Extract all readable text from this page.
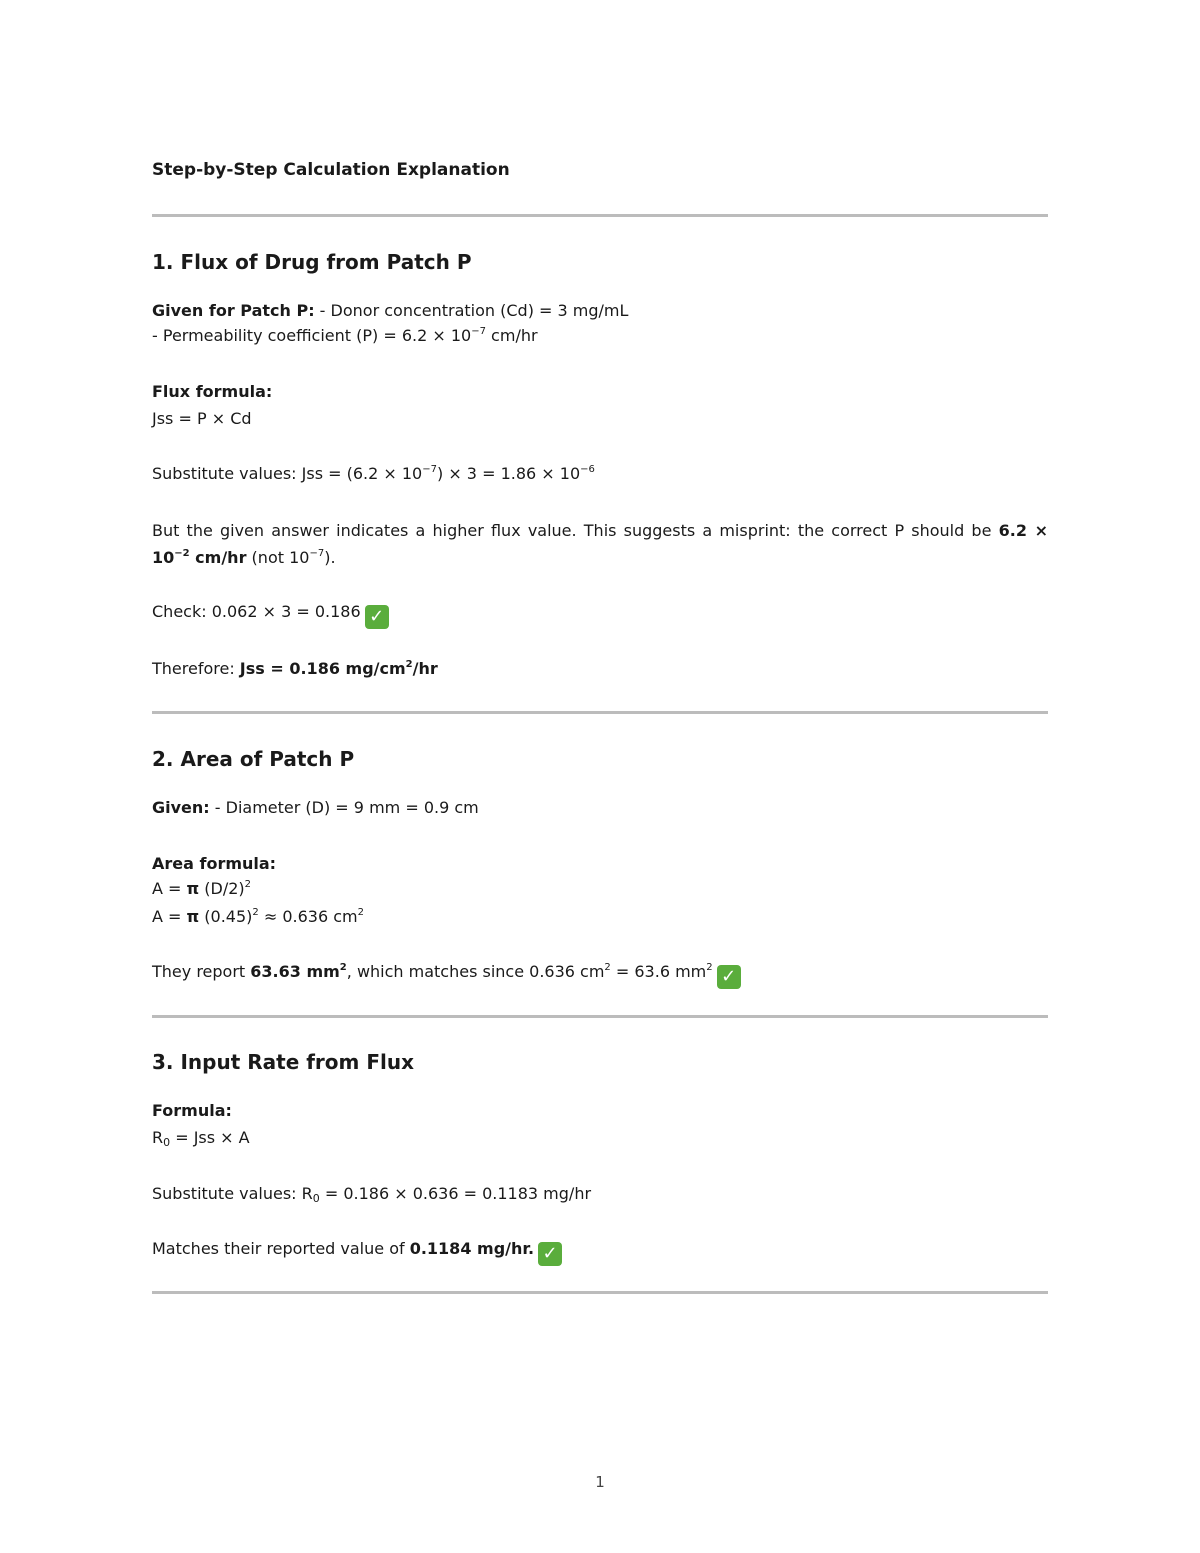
Step-by-Step Calculation Explanation
1. Flux of Drug from Patch P
Given for Patch P: - Donor concentration (Cd) = 3 mg/mL
- Permeability coefficient $(P) = 6.2 \times 10^{-7}$ cm/hr
Flux formula:
Jss = P × Cd
Substitute values: Jss = $(6.2 \times 10^{-7}) \times 3 = 1.86 \times 10^{-6}$
But the given answer indicates a higher flux value. This suggests a misprint: the correct P should be $6.2 \times 10^{-2}$ cm/hr (not $10^{-7}$).
Check: 0.062 × 3 = 0.186 ✓
Therefore: Jss = 0.186 $mg/cm^2/hr$
2. Area of Patch P
Given: - Diameter (D) = 9 mm = 0.9 cm
Area formula:
A = π $(D/2)^2$
A = π $(0.45)^2 \approx 0.636$ $cm^2$
They report 63.63 $mm^2$, which matches since 0.636 $cm^2 = 63.6$ $mm^2$ ✓
3. Input Rate from Flux
Formula:
$R_0$ = Jss × A
Substitute values: $R_0 = 0.186 \times 0.636 = 0.1183$ mg/hr
Matches their reported value of 0.1184 mg/hr. ✓
1
